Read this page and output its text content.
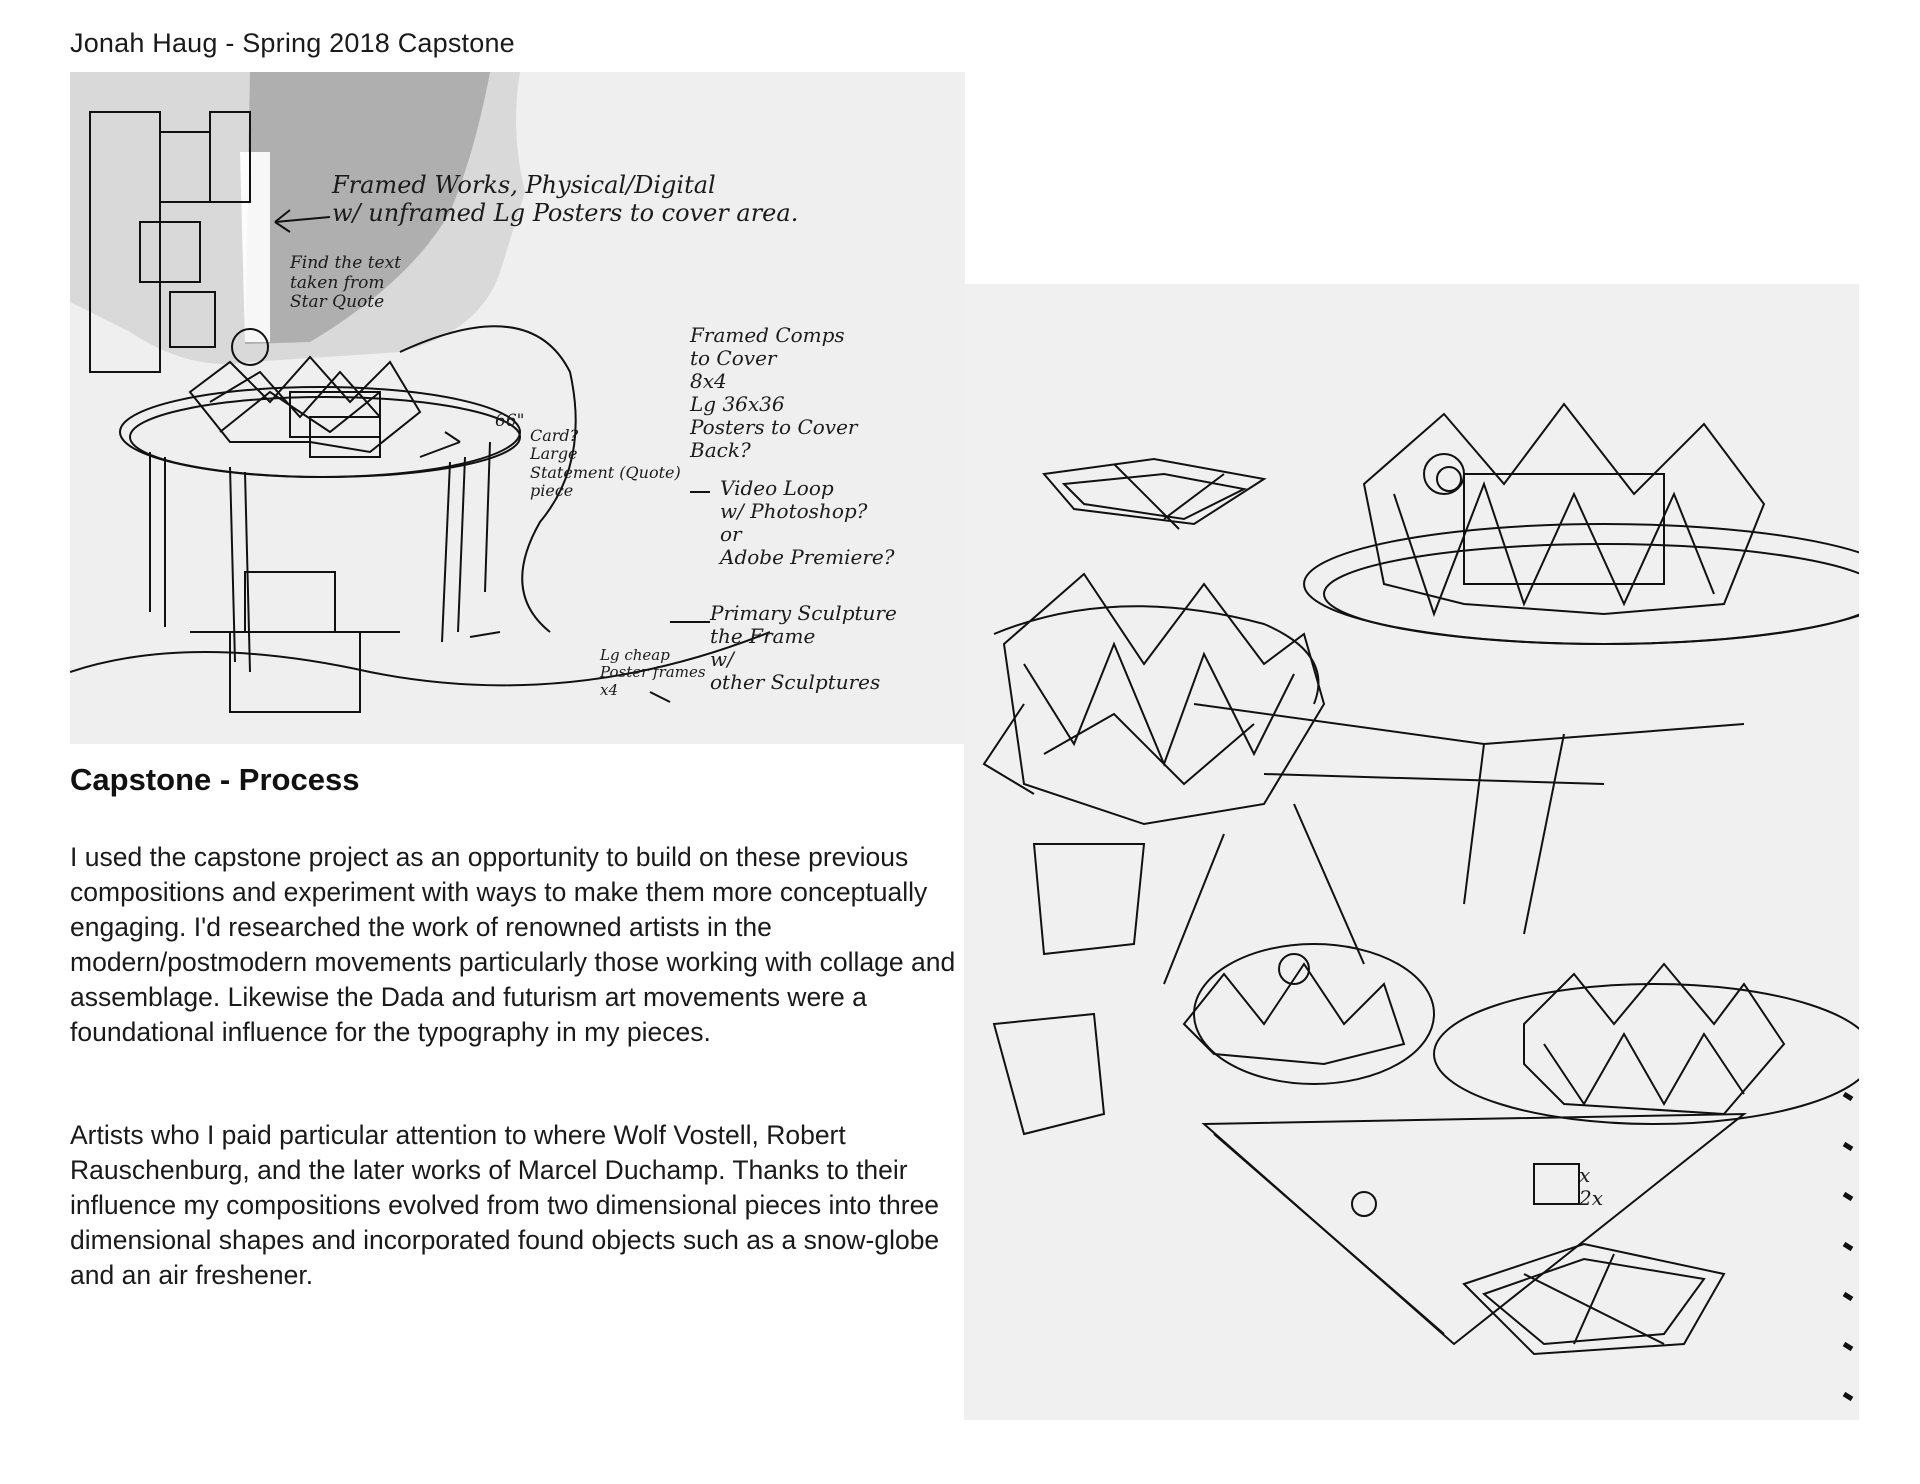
Jonah Haug - Spring 2018 Capstone
Framed Works, Physical/Digital
w/ unframed Lg Posters to cover area.
Find the text
taken from
Star Quote
Framed Comps
to Cover
8x4
Lg 36x36
Posters to Cover
Back?
66"
Card?
Large
Statement (Quote)
piece	Video Loop
w/ Photoshop?
or
Adobe Premiere?
Primary Sculpture
the Frame
w/
other Sculptures
Lg cheap
Poster frames
x4
x
2x
Capstone - Process

I used the capstone project as an opportunity to build on these previous compositions and experiment with ways to make them more conceptually engaging. I'd researched the work of renowned artists in the modern/postmodern movements particularly those working with collage and assemblage. Likewise the Dada and futurism art movements were a foundational influence for the typography in my pieces.

Artists who I paid particular attention to where Wolf Vostell, Robert Rauschenburg, and the later works of Marcel Duchamp. Thanks to their influence my compositions evolved from two dimensional pieces into three dimensional shapes and incorporated found objects such as a snow-globe and an air freshener.
